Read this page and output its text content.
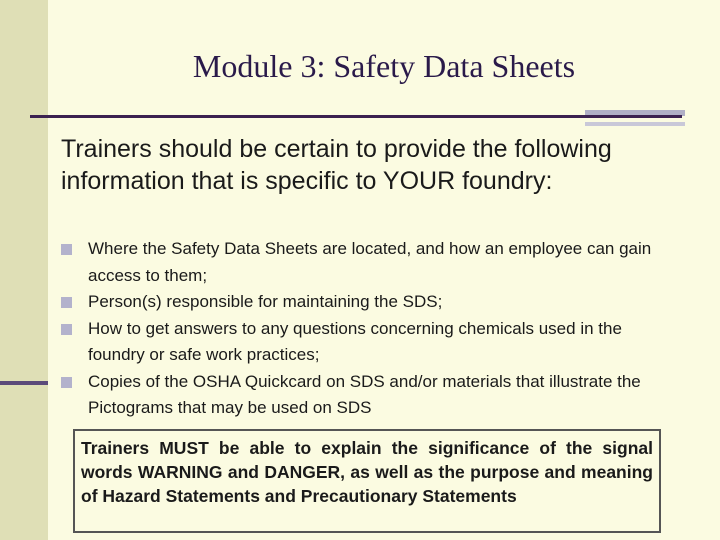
Module 3: Safety Data Sheets
Trainers should be certain to provide the following information that is specific to YOUR foundry:
Where the Safety Data Sheets are located, and how an employee can gain access to them;
Person(s) responsible for maintaining the SDS;
How to get answers to any questions concerning chemicals used in the foundry or safe work practices;
Copies of the OSHA Quickcard on SDS and/or materials that illustrate the Pictograms that may be used on SDS
Trainers MUST be able to explain the significance of the signal words WARNING and DANGER, as well as the purpose and meaning of Hazard Statements and Precautionary Statements
